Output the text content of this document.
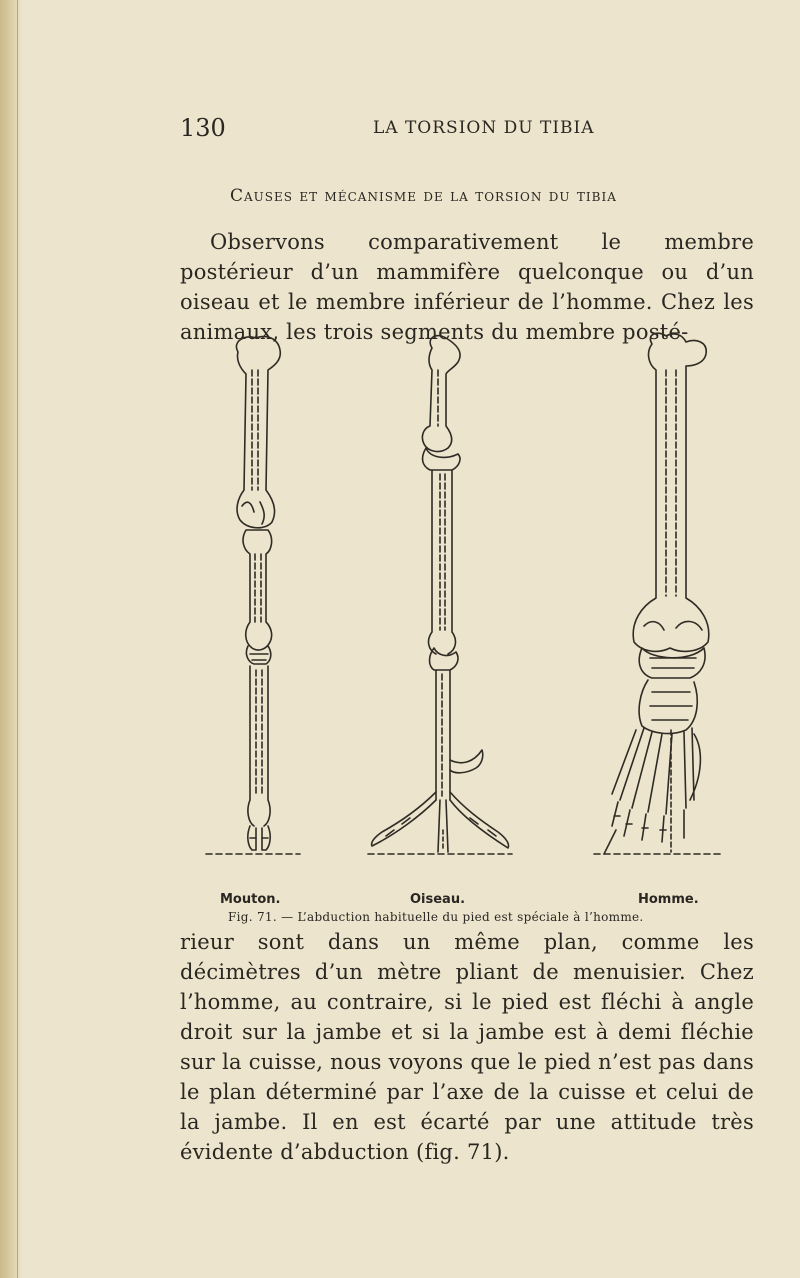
130	LA TORSION DU TIBIA
Causes et mécanisme de la torsion du tibia
Observons comparativement le membre postérieur d’un mammifère quelconque ou d’un oiseau et le membre inférieur de l’homme. Chez les animaux, les trois segments du membre posté-
Mouton.	Oiseau.	Homme.
Fig. 71. — L’abduction habituelle du pied est spéciale à l’homme.
rieur sont dans un même plan, comme les décimètres d’un mètre pliant de menuisier. Chez l’homme, au contraire, si le pied est fléchi à angle droit sur la jambe et si la jambe est à demi fléchie sur la cuisse, nous voyons que le pied n’est pas dans le plan déterminé par l’axe de la cuisse et celui de la jambe. Il en est écarté par une attitude très évidente d’abduction (fig. 71).
